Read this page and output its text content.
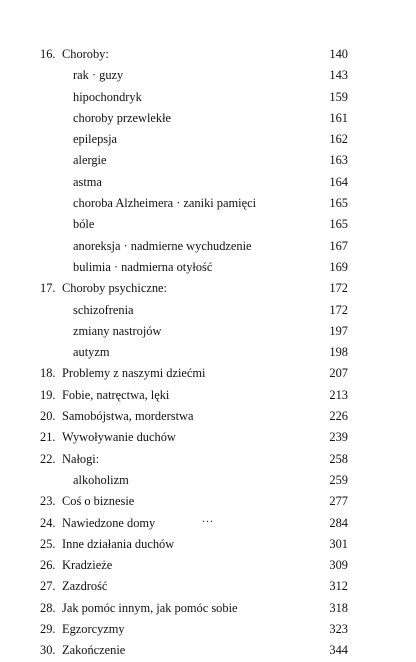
16. Choroby:	140
rak · guzy	143
hipochondryk	159
choroby przewlekłe	161
epilepsja	162
alergie	163
astma	164
choroba Alzheimera · zaniki pamięci	165
bóle	165
anoreksja · nadmierne wychudzenie	167
bulimia · nadmierna otyłość	169
17. Choroby psychiczne:	172
schizofrenia	172
zmiany nastrojów	197
autyzm	198
18. Problemy z naszymi dziećmi	207
19. Fobie, natręctwa, lęki	213
20. Samobójstwa, morderstwa	226
21. Wywoływanie duchów	239
22. Nałogi:	258
alkoholizm	259
23. Coś o biznesie	277
24. Nawiedzone domy	284
25. Inne działania duchów	301
26. Kradzieże	309
27. Zazdrość	312
28. Jak pomóc innym, jak pomóc sobie	318
29. Egzorcyzmy	323
30. Zakończenie	344
...
